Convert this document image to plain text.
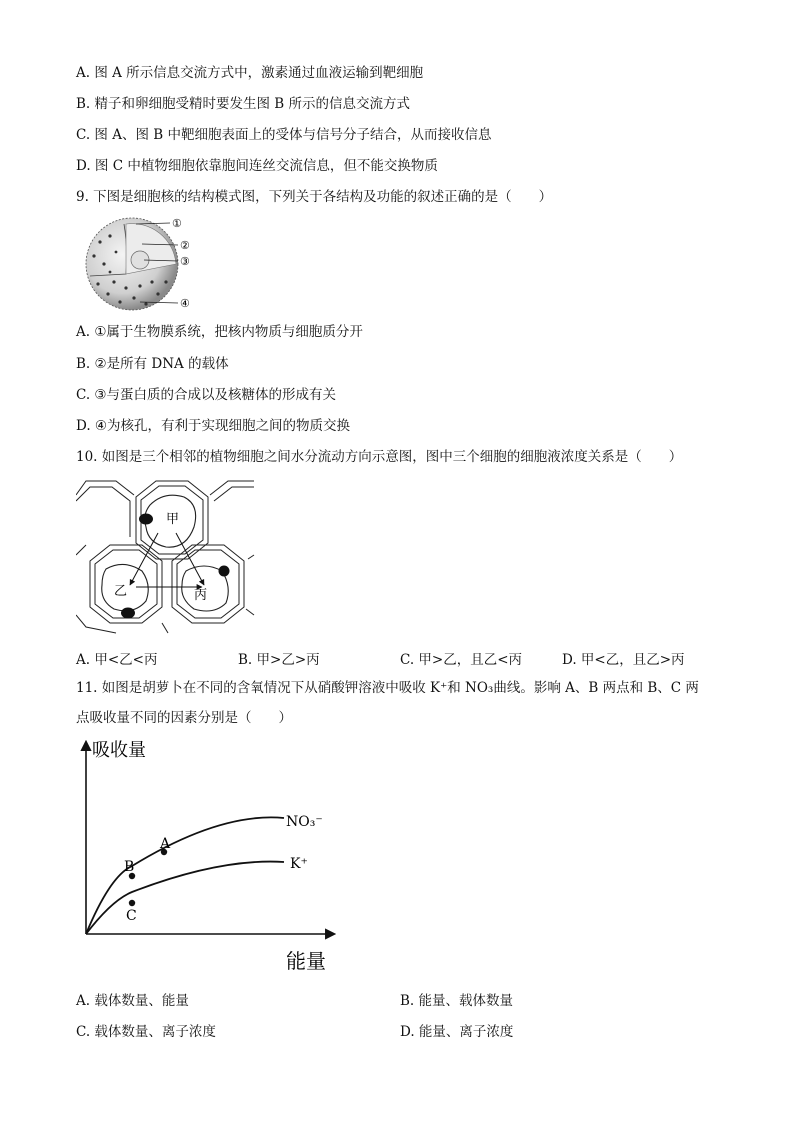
A. 图 A 所示信息交流方式中，激素通过血液运输到靶细胞
B. 精子和卵细胞受精时要发生图 B 所示的信息交流方式
C. 图 A、图 B 中靶细胞表面上的受体与信号分子结合，从而接收信息
D. 图 C 中植物细胞依靠胞间连丝交流信息，但不能交换物质
9. 下图是细胞核的结构模式图，下列关于各结构及功能的叙述正确的是（　　）
①
②
③
④
A. ①属于生物膜系统，把核内物质与细胞质分开
B. ②是所有 DNA 的载体
C. ③与蛋白质的合成以及核糖体的形成有关
D. ④为核孔，有利于实现细胞之间的物质交换
10. 如图是三个相邻的植物细胞之间水分流动方向示意图，图中三个细胞的细胞液浓度关系是（　　）
甲
乙	丙
A. 甲<乙<丙	B. 甲>乙>丙	C. 甲>乙，且乙<丙	D. 甲<乙，且乙>丙
11. 如图是胡萝卜在不同的含氧情况下从硝酸钾溶液中吸收 K⁺和 NO₃曲线。影响 A、B 两点和 B、C 两
点吸收量不同的因素分别是（　　）
吸收量
能量
A
B
C
NO₃⁻
K⁺
A. 载体数量、能量	B. 能量、载体数量
C. 载体数量、离子浓度	D. 能量、离子浓度
